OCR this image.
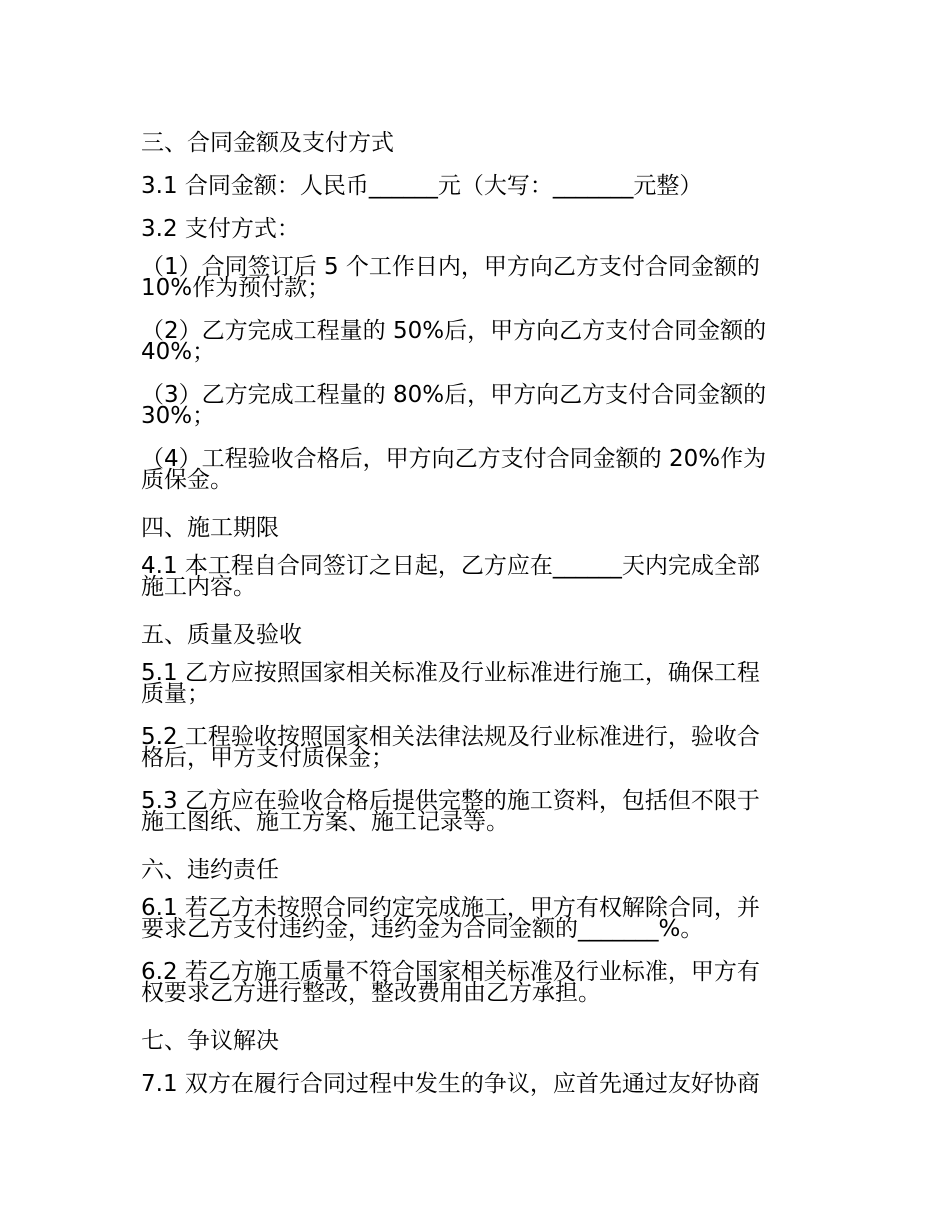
三、合同金额及支付方式
3.1 合同金额：人民币______元（大写：_______元整）
3.2 支付方式：
（1）合同签订后 5 个工作日内，甲方向乙方支付合同金额的
10%作为预付款；
（2）乙方完成工程量的 50%后，甲方向乙方支付合同金额的
40%；
（3）乙方完成工程量的 80%后，甲方向乙方支付合同金额的
30%；
（4）工程验收合格后，甲方向乙方支付合同金额的 20%作为
质保金。
四、施工期限
4.1 本工程自合同签订之日起，乙方应在______天内完成全部
施工内容。
五、质量及验收
5.1 乙方应按照国家相关标准及行业标准进行施工，确保工程
质量；
5.2 工程验收按照国家相关法律法规及行业标准进行，验收合
格后，甲方支付质保金；
5.3 乙方应在验收合格后提供完整的施工资料，包括但不限于
施工图纸、施工方案、施工记录等。
六、违约责任
6.1 若乙方未按照合同约定完成施工，甲方有权解除合同，并
要求乙方支付违约金，违约金为合同金额的_______%。
6.2 若乙方施工质量不符合国家相关标准及行业标准，甲方有
权要求乙方进行整改，整改费用由乙方承担。
七、争议解决
7.1 双方在履行合同过程中发生的争议，应首先通过友好协商
